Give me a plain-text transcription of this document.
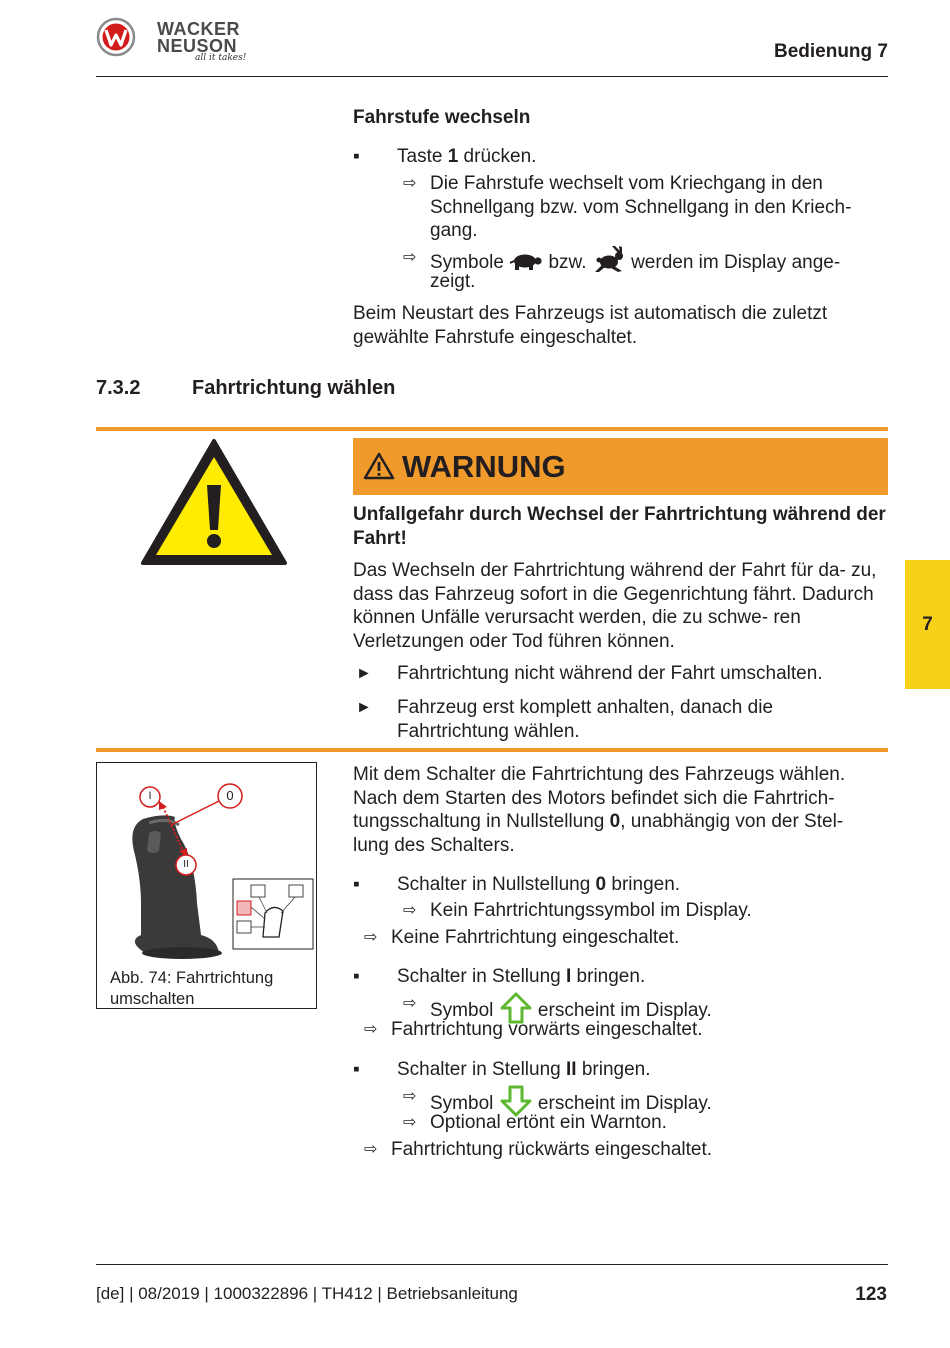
WACKER
NEUSON
all it takes!	Bedienung 7
Fahrstufe wechseln
▪ Taste 1 drücken.
⇨ Die Fahrstufe wechselt vom Kriechgang in den Schnellgang bzw. vom Schnellgang in den Kriech- gang.
⇨ Symbole bzw. werden im Display ange-
zeigt.
Beim Neustart des Fahrzeugs ist automatisch die zuletzt gewählte Fahrstufe eingeschaltet.
7.3.2	Fahrtrichtung wählen
WARNUNG
Unfallgefahr durch Wechsel der Fahrtrichtung während der Fahrt!
Das Wechseln der Fahrtrichtung während der Fahrt für da- zu, dass das Fahrzeug sofort in die Gegenrichtung fährt. Dadurch können Unfälle verursacht werden, die zu schwe- ren Verletzungen oder Tod führen können.
► Fahrtrichtung nicht während der Fahrt umschalten.
► Fahrzeug erst komplett anhalten, danach die Fahrtrichtung wählen.
I	0
II
Abb. 74: Fahrtrichtung umschalten
Mit dem Schalter die Fahrtrichtung des Fahrzeugs wählen. Nach dem Starten des Motors befindet sich die Fahrtrich- tungsschaltung in Nullstellung 0, unabhängig von der Stel- lung des Schalters.
▪ Schalter in Nullstellung 0 bringen.
⇨ Kein Fahrtrichtungssymbol im Display.
⇨ Keine Fahrtrichtung eingeschaltet.
▪ Schalter in Stellung I bringen.
⇨ Symbol erscheint im Display.
⇨ Fahrtrichtung vorwärts eingeschaltet.
▪ Schalter in Stellung II bringen.
⇨ Symbol erscheint im Display.
⇨ Optional ertönt ein Warnton.
⇨ Fahrtrichtung rückwärts eingeschaltet.
7
[de] | 08/2019 | 1000322896 | TH412 | Betriebsanleitung	123
